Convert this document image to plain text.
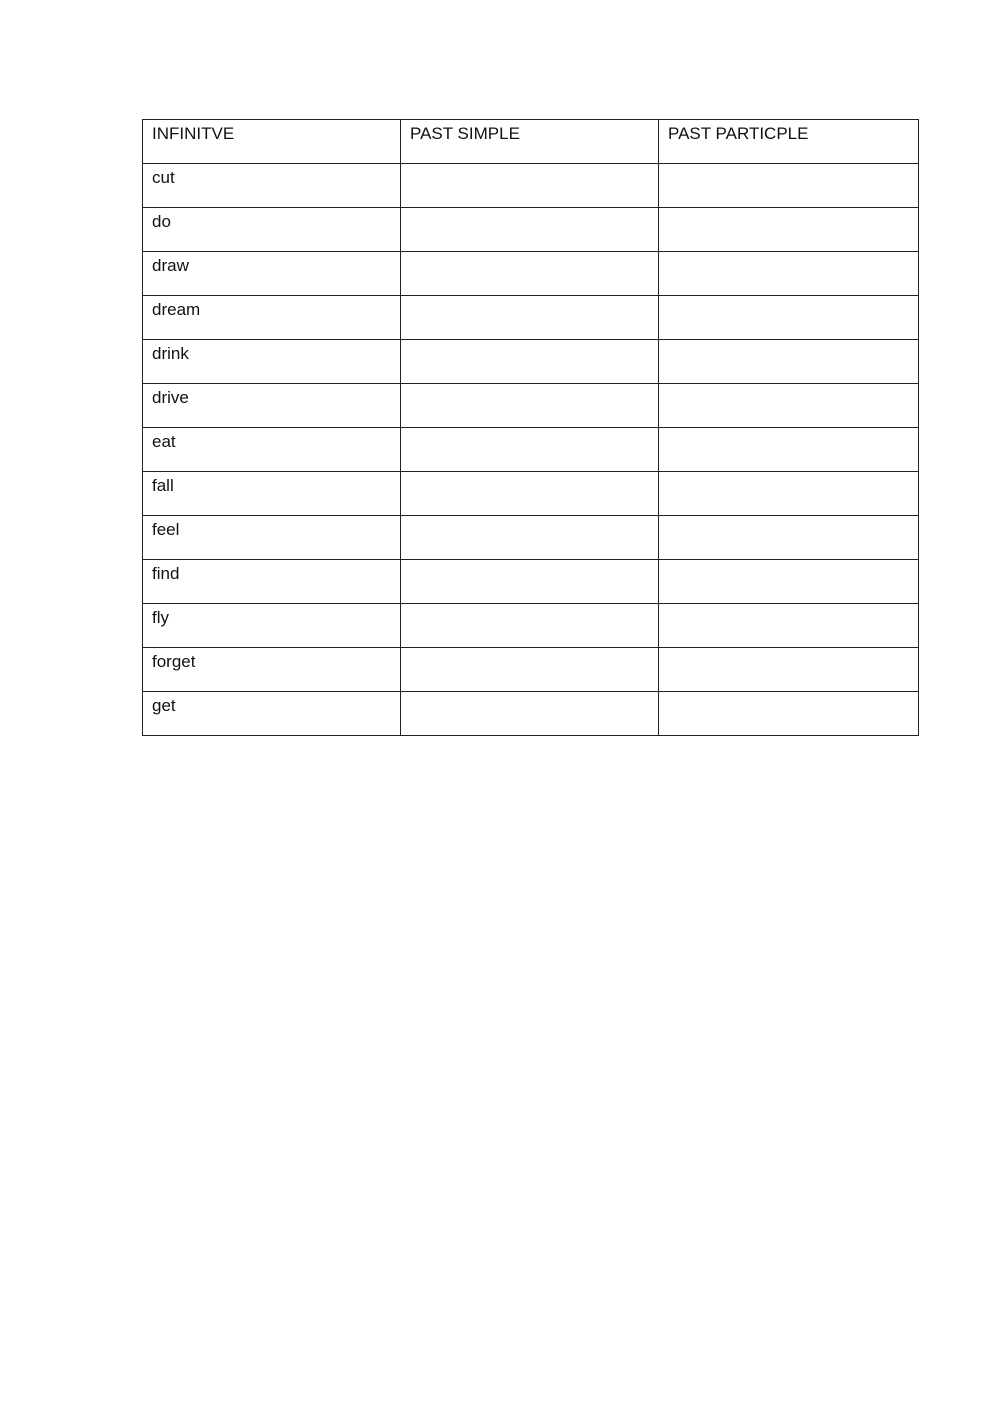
INFINITVE	PAST SIMPLE	PAST PARTICPLE
cut		
do		
draw		
dream		
drink		
drive		
eat		
fall		
feel		
find		
fly		
forget		
get		
